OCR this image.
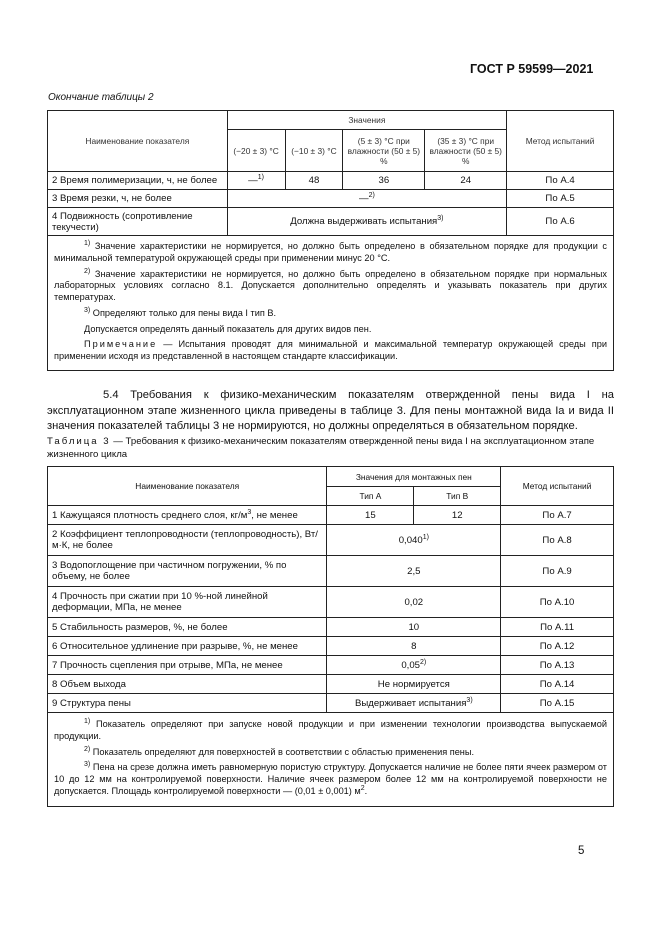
ГОСТ Р 59599—2021
Окончание таблицы 2
Наименование показателя	Значения				Метод испытаний
	(−20 ± 3) °C	(−10 ± 3) °C	(5 ± 3) °C при влажности (50 ± 5) %	(35 ± 3) °C при влажности (50 ± 5) %	
2 Время полимеризации, ч, не более	—$^{1)}$	48	36	24	По А.4
3 Время резки, ч, не более	—$^{2)}$				По А.5
4 Подвижность (сопротивление текучести)	Должна выдерживать испытания$^{3)}$				По А.6

$^{1)}$ Значение характеристики не нормируется, но должно быть определено в обязательном порядке для продукции с минимальной температурой окружающей среды при применении минус 20 °C.

$^{2)}$ Значение характеристики не нормируется, но должно быть определено в обязательном порядке при нормальных лабораторных условиях согласно 8.1. Допускается дополнительно определять и указывать показатель при других температурах.

$^{3)}$ Определяют только для пены вида I тип B.

Допускается определять данный показатель для других видов пен.

Примечание — Испытания проводят для минимальной и максимальной температур окружающей среды при применении исходя из представленной в настоящем стандарте классификации.					

5.4 Требования к физико-механическим показателям отвержденной пены вида I на эксплуатационном этапе жизненного цикла приведены в таблице 3. Для пены монтажной вида Ia и вида II значения показателей таблицы 3 не нормируются, но должны определяться в обязательном порядке.

Таблица 3 — Требования к физико-механическим показателям отвержденной пены вида I на эксплуатационном этапе жизненного цикла

Наименование показателя	Значения для монтажных пен		Метод испытаний
	Тип A	Тип B	
1 Кажущаяся плотность среднего слоя, $кг/м^3$, не менее	15	12	По А.7
2 Коэффициент теплопроводности (теплопроводность), Вт/м·К, не более	0,040$^{1)}$		По А.8
3 Водопоглощение при частичном погружении, % по объему, не более	2,5		По А.9
4 Прочность при сжатии при 10 %-ной линейной деформации, МПа, не менее	0,02		По А.10
5 Стабильность размеров, %, не более	10		По А.11
6 Относительное удлинение при разрыве, %, не менее	8		По А.12
7 Прочность сцепления при отрыве, МПа, не менее	0,05$^{2)}$		По А.13
8 Объем выхода	Не нормируется		По А.14
9 Структура пены	Выдерживает испытания$^{3)}$		По А.15

$^{1)}$ Показатель определяют при запуске новой продукции и при изменении технологии производства выпускаемой продукции.

$^{2)}$ Показатель определяют для поверхностей в соответствии с областью применения пены.

$^{3)}$ Пена на срезе должна иметь равномерную пористую структуру. Допускается наличие не более пяти ячеек размером от 10 до 12 мм на контролируемой поверхности. Наличие ячеек размером более 12 мм на контролируемой поверхности не допускается. Площадь контролируемой поверхности — (0,01 ± 0,001) $м^2$.			

5
